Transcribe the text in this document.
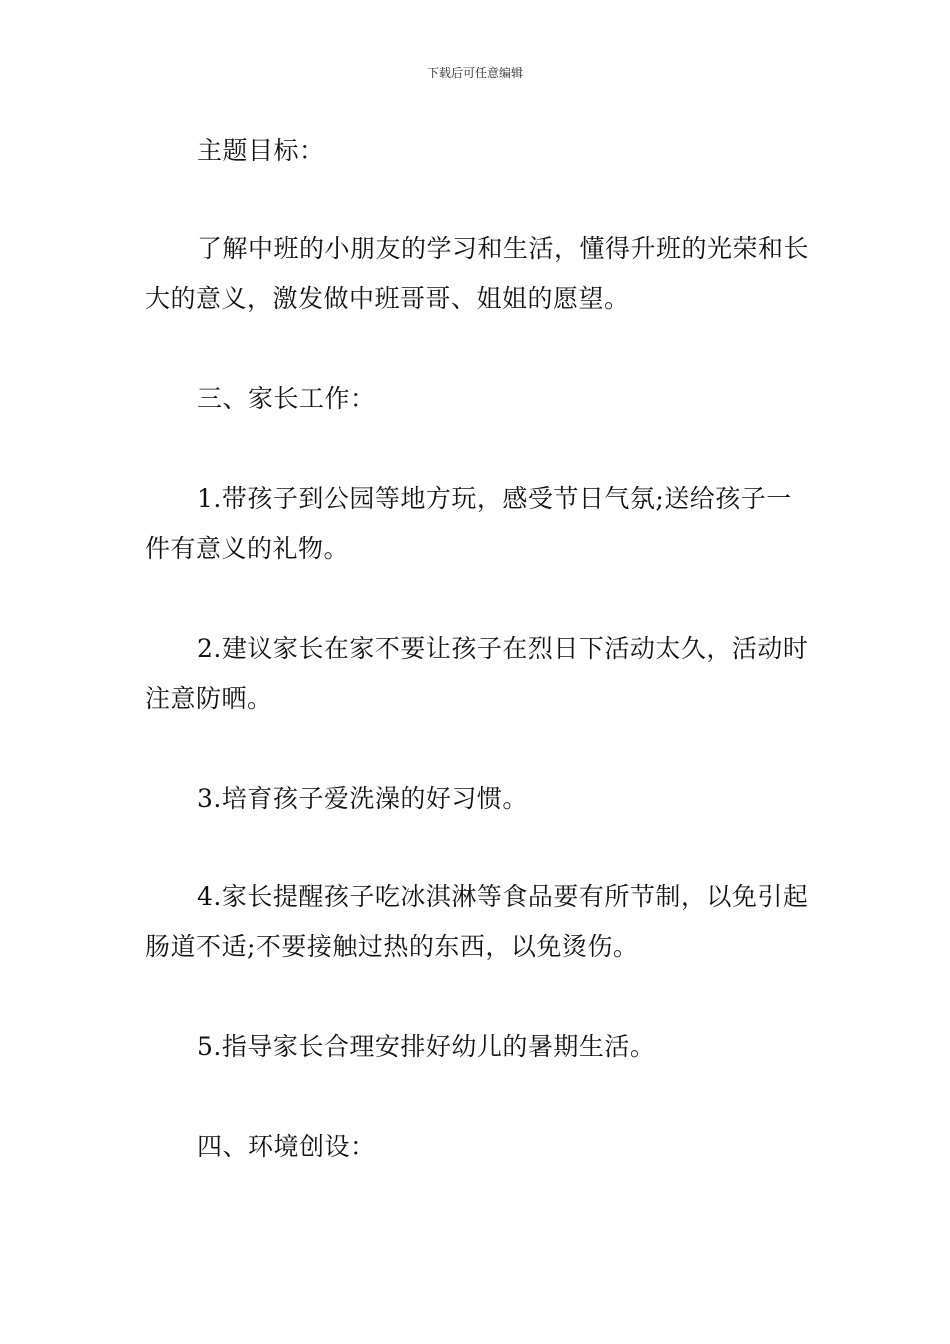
下载后可任意编辑

主题目标：

了解中班的小朋友的学习和生活，懂得升班的光荣和长大的意义，激发做中班哥哥、姐姐的愿望。

三、家长工作：

1.带孩子到公园等地方玩，感受节日气氛;送给孩子一件有意义的礼物。

2.建议家长在家不要让孩子在烈日下活动太久，活动时注意防晒。

3.培育孩子爱洗澡的好习惯。

4.家长提醒孩子吃冰淇淋等食品要有所节制，以免引起肠道不适;不要接触过热的东西，以免烫伤。

5.指导家长合理安排好幼儿的暑期生活。

四、环境创设：
